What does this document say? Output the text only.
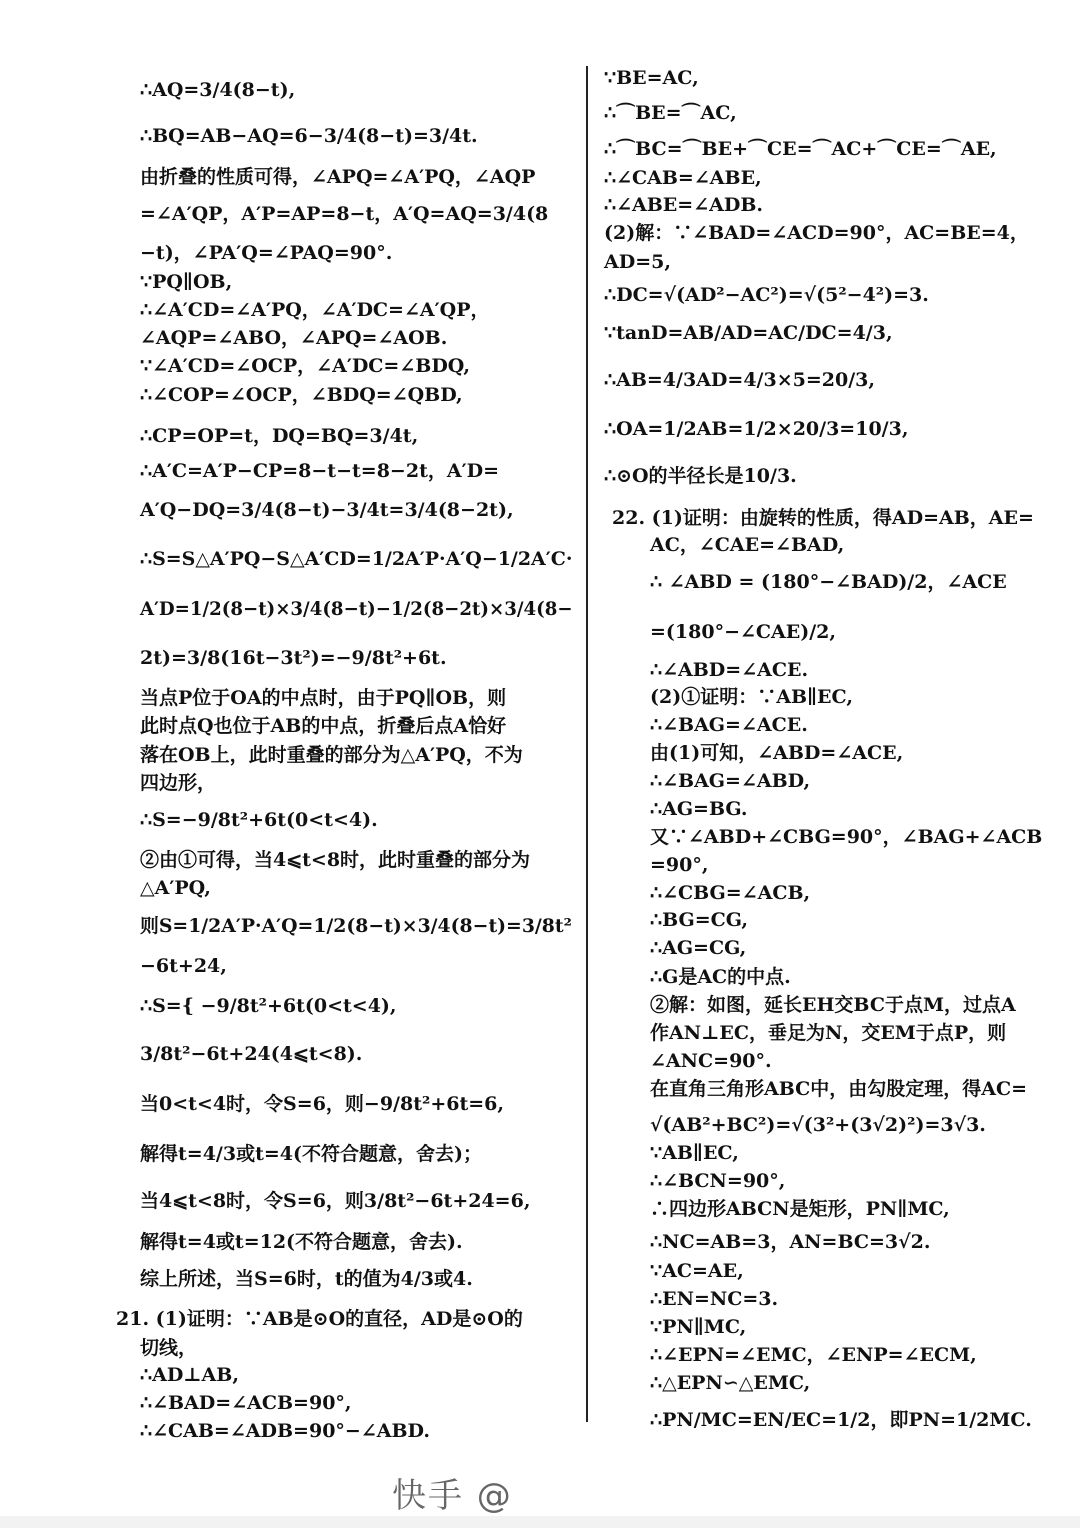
∴AQ=3/4(8−t),
∴BQ=AB−AQ=6−3/4(8−t)=3/4t.
由折叠的性质可得，∠APQ=∠A′PQ，∠AQP
=∠A′QP，A′P=AP=8−t，A′Q=AQ=3/4(8
−t)，∠PA′Q=∠PAQ=90°.
∵PQ∥OB,
∴∠A′CD=∠A′PQ，∠A′DC=∠A′QP，
∠AQP=∠ABO，∠APQ=∠AOB.
∵∠A′CD=∠OCP，∠A′DC=∠BDQ,
∴∠COP=∠OCP，∠BDQ=∠QBD,
∴CP=OP=t，DQ=BQ=3/4t,
∴A′C=A′P−CP=8−t−t=8−2t，A′D=
A′Q−DQ=3/4(8−t)−3/4t=3/4(8−2t),
∴S=S△A′PQ−S△A′CD=1/2A′P·A′Q−1/2A′C·
A′D=1/2(8−t)×3/4(8−t)−1/2(8−2t)×3/4(8−
2t)=3/8(16t−3t²)=−9/8t²+6t.
当点P位于OA的中点时，由于PQ∥OB，则
此时点Q也位于AB的中点，折叠后点A恰好
落在OB上，此时重叠的部分为△A′PQ，不为
四边形，
∴S=−9/8t²+6t(0<t<4).
②由①可得，当4⩽t<8时，此时重叠的部分为
△A′PQ,
则S=1/2A′P·A′Q=1/2(8−t)×3/4(8−t)=3/8t²
−6t+24,
∴S={ −9/8t²+6t(0<t<4),
3/8t²−6t+24(4⩽t<8).
当0<t<4时，令S=6，则−9/8t²+6t=6,
解得t=4/3或t=4(不符合题意，舍去)；
当4⩽t<8时，令S=6，则3/8t²−6t+24=6,
解得t=4或t=12(不符合题意，舍去).
综上所述，当S=6时，t的值为4/3或4.
21. (1)证明：∵AB是⊙O的直径，AD是⊙O的
切线，
∴AD⊥AB,
∴∠BAD=∠ACB=90°,
∴∠CAB=∠ADB=90°−∠ABD.
∵BE=AC,
∴⌒BE=⌒AC,
∴⌒BC=⌒BE+⌒CE=⌒AC+⌒CE=⌒AE,
∴∠CAB=∠ABE,
∴∠ABE=∠ADB.
(2)解：∵∠BAD=∠ACD=90°，AC=BE=4，
AD=5,
∴DC=√(AD²−AC²)=√(5²−4²)=3.
∵tanD=AB/AD=AC/DC=4/3,
∴AB=4/3AD=4/3×5=20/3,
∴OA=1/2AB=1/2×20/3=10/3,
∴⊙O的半径长是10/3.
22. (1)证明：由旋转的性质，得AD=AB，AE=
AC，∠CAE=∠BAD,
∴ ∠ABD = (180°−∠BAD)/2，∠ACE
=(180°−∠CAE)/2,
∴∠ABD=∠ACE.
(2)①证明：∵AB∥EC,
∴∠BAG=∠ACE.
由(1)可知，∠ABD=∠ACE,
∴∠BAG=∠ABD,
∴AG=BG.
又∵∠ABD+∠CBG=90°，∠BAG+∠ACB
=90°,
∴∠CBG=∠ACB,
∴BG=CG,
∴AG=CG,
∴G是AC的中点.
②解：如图，延长EH交BC于点M，过点A
作AN⊥EC，垂足为N，交EM于点P，则
∠ANC=90°.
在直角三角形ABC中，由勾股定理，得AC=
√(AB²+BC²)=√(3²+(3√2)²)=3√3.
∵AB∥EC,
∴∠BCN=90°,
∴四边形ABCN是矩形，PN∥MC,
∴NC=AB=3，AN=BC=3√2.
∵AC=AE,
∴EN=NC=3.
∵PN∥MC,
∴∠EPN=∠EMC，∠ENP=∠ECM,
∴△EPN∽△EMC,
∴PN/MC=EN/EC=1/2，即PN=1/2MC.
快手 @
